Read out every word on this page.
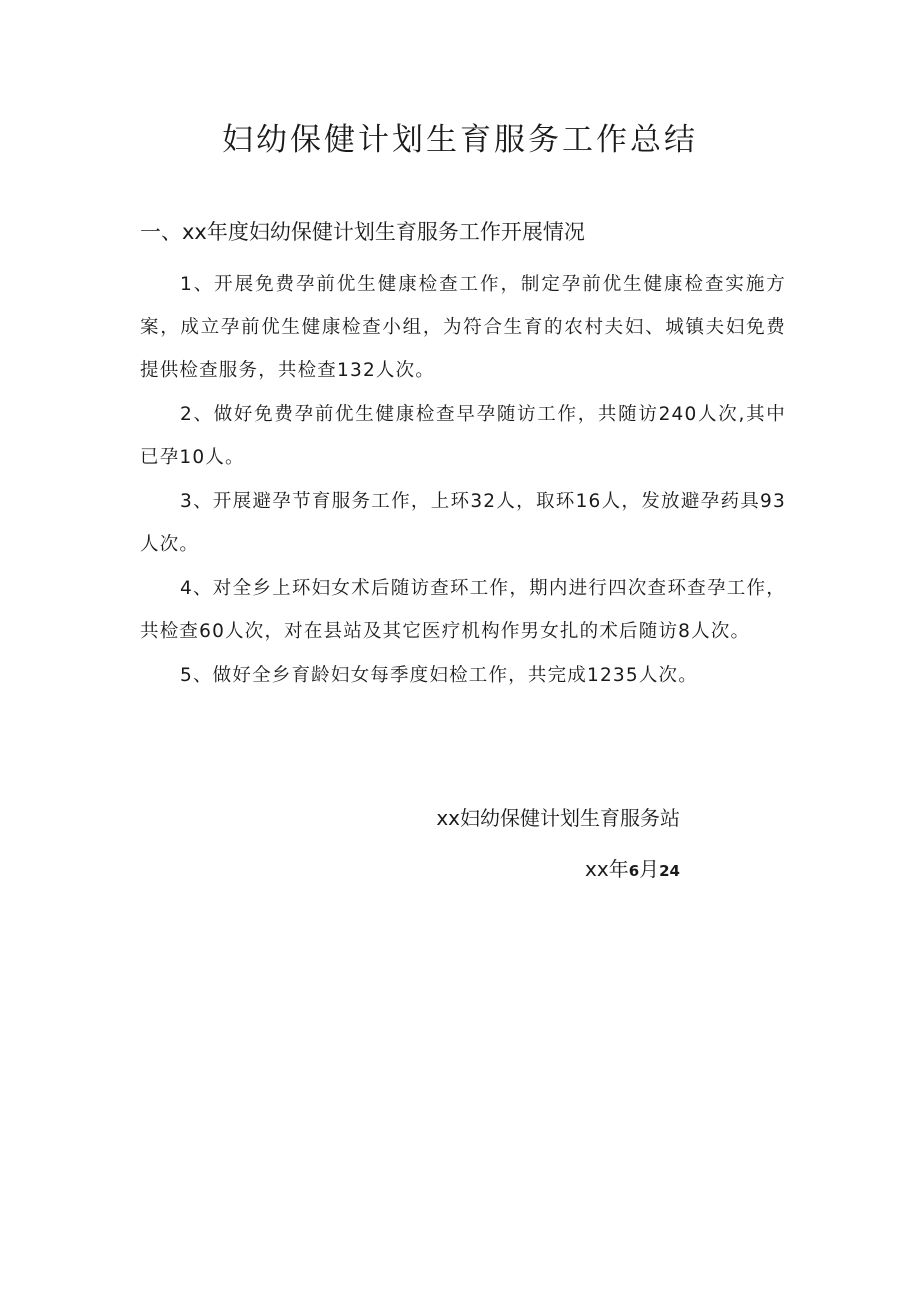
妇幼保健计划生育服务工作总结
一、xx年度妇幼保健计划生育服务工作开展情况
1、开展免费孕前优生健康检查工作，制定孕前优生健康检查实施方案，成立孕前优生健康检查小组，为符合生育的农村夫妇、城镇夫妇免费提供检查服务，共检查132人次。
2、做好免费孕前优生健康检查早孕随访工作，共随访240人次,其中已孕10人。
3、开展避孕节育服务工作，上环32人，取环16人，发放避孕药具93人次。
4、对全乡上环妇女术后随访查环工作，期内进行四次查环查孕工作，共检查60人次，对在县站及其它医疗机构作男女扎的术后随访8人次。
5、做好全乡育龄妇女每季度妇检工作，共完成1235人次。
xx妇幼保健计划生育服务站
xx年6月24
